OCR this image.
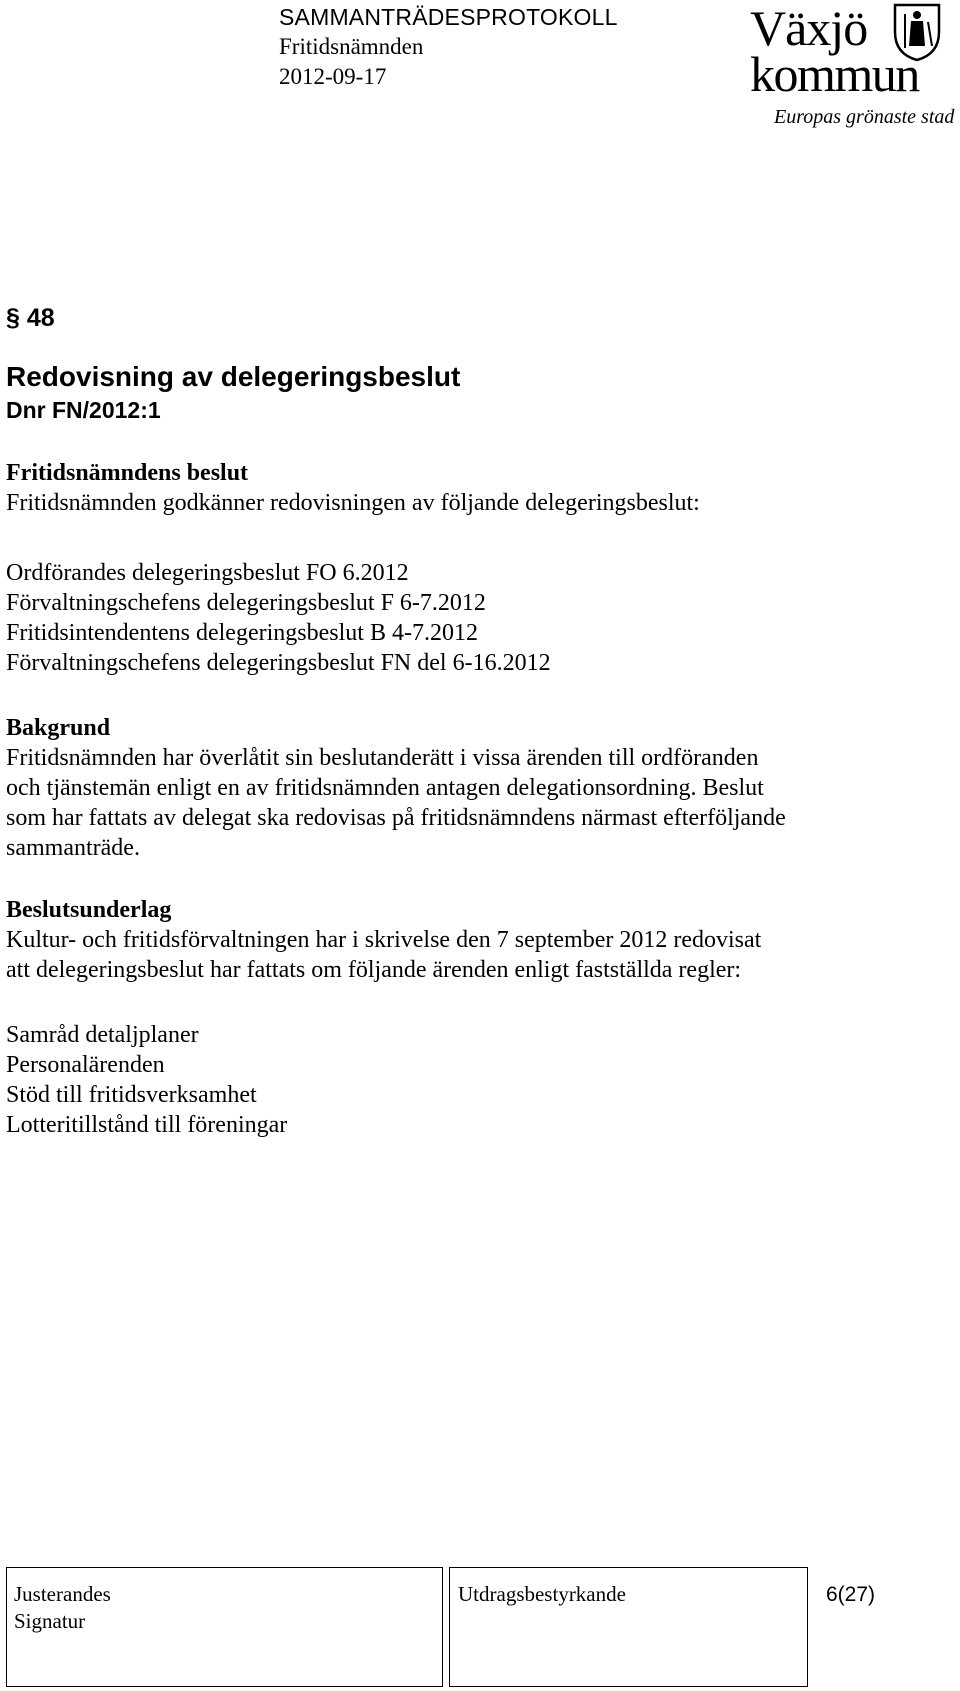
SAMMANTRÄDESPROTOKOLL
Fritidsnämnden
2012-09-17
Växjö
kommun
Europas grönaste stad
§ 48
Redovisning av delegeringsbeslut
Dnr FN/2012:1
Fritidsnämndens beslut
Fritidsnämnden godkänner redovisningen av följande delegeringsbeslut:
Ordförandes delegeringsbeslut FO 6.2012
Förvaltningschefens delegeringsbeslut F 6-7.2012
Fritidsintendentens delegeringsbeslut B 4-7.2012
Förvaltningschefens delegeringsbeslut FN del 6-16.2012
Bakgrund
Fritidsnämnden har överlåtit sin beslutanderätt i vissa ärenden till ordföranden
och tjänstemän enligt en av fritidsnämnden antagen delegationsordning. Beslut
som har fattats av delegat ska redovisas på fritidsnämndens närmast efterföljande
sammanträde.
Beslutsunderlag
Kultur- och fritidsförvaltningen har i skrivelse den 7 september 2012 redovisat
att delegeringsbeslut har fattats om följande ärenden enligt fastställda regler:
Samråd detaljplaner
Personalärenden
Stöd till fritidsverksamhet
Lotteritillstånd till föreningar
Justerandes
Signatur
Utdragsbestyrkande	6(27)
